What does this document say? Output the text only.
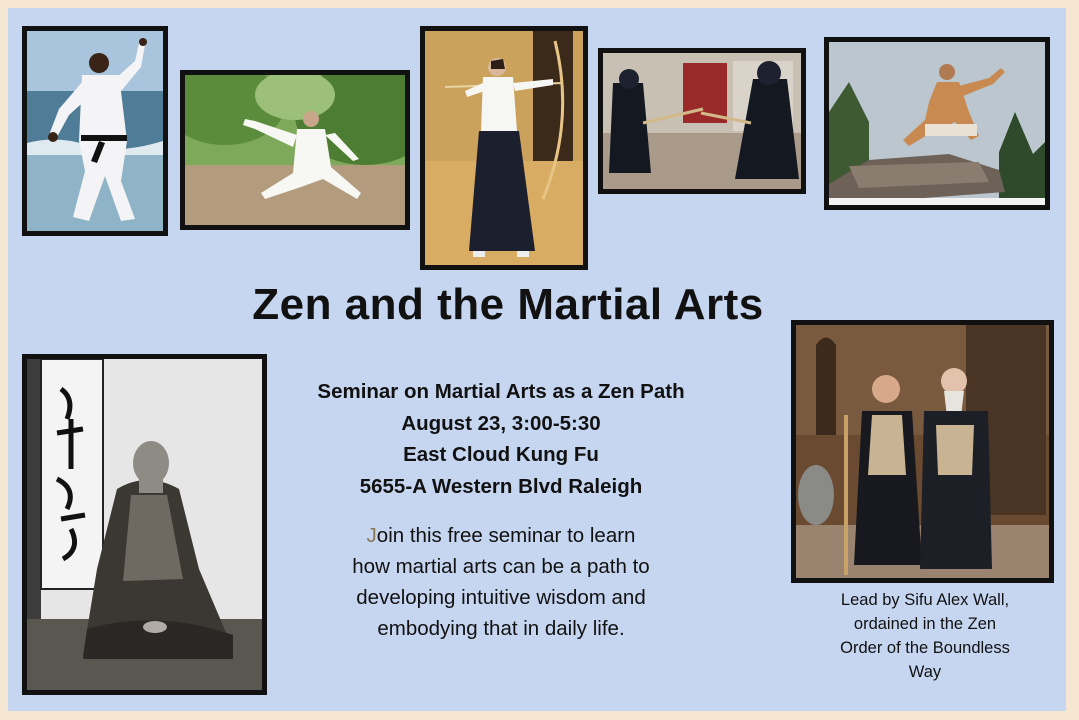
Zen and the Martial Arts
Seminar on Martial Arts as a Zen Path
August 23, 3:00-5:30
East Cloud Kung Fu
5655-A Western Blvd Raleigh
Join this free seminar to learn
how martial arts can be a path to
developing intuitive wisdom and
embodying that in daily life.
Lead by Sifu Alex Wall,
ordained in the Zen
Order of the Boundless
Way
